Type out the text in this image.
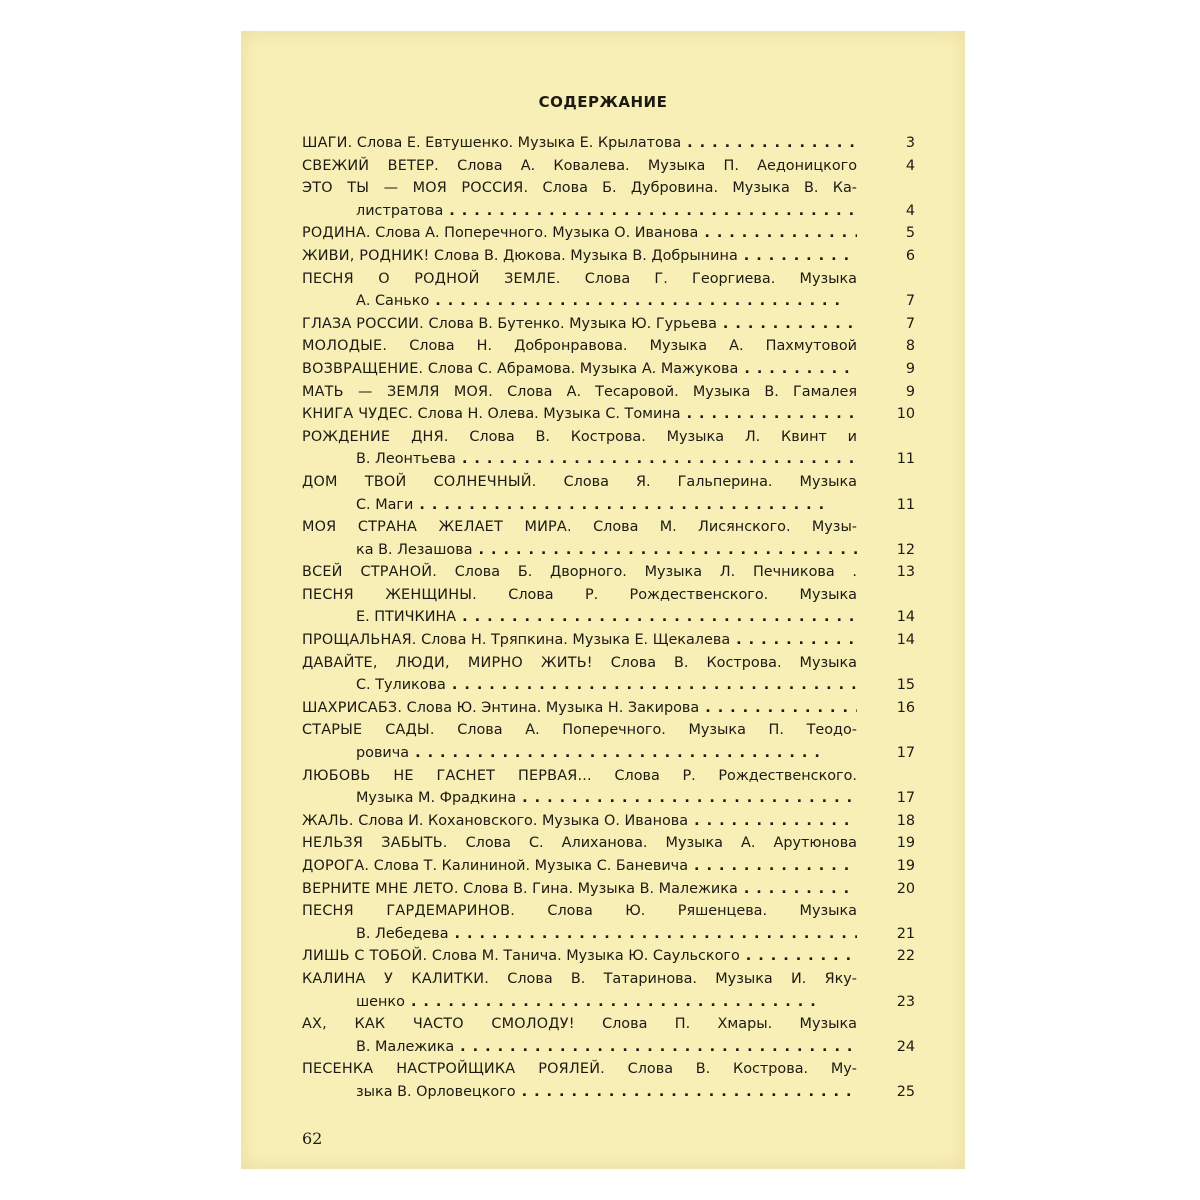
СОДЕРЖАНИЕ
ШАГИ. Слова Е. Евтушенко. Музыка Е. Крылатова . .	3
СВЕЖИЙ ВЕТЕР. Слова А. Ковалева. Музыка П. Аедоницкого	4
ЭТО ТЫ — МОЯ РОССИЯ. Слова Б. Дубровина. Музыка В. Ка-
листратова . .	4
РОДИНА. Слова А. Поперечного. Музыка О. Иванова . .	5
ЖИВИ, РОДНИК! Слова В. Дюкова. Музыка В. Добрынина . .	6
ПЕСНЯ О РОДНОЙ ЗЕМЛЕ. Слова Г. Георгиева. Музыка
А. Санько . .	7
ГЛАЗА РОССИИ. Слова В. Бутенко. Музыка Ю. Гурьева . .	7
МОЛОДЫЕ. Слова Н. Добронравова. Музыка А. Пахмутовой	8
ВОЗВРАЩЕНИЕ. Слова С. Абрамова. Музыка А. Мажукова . .	9
МАТЬ — ЗЕМЛЯ МОЯ. Слова А. Тесаровой. Музыка В. Гамалея	9
КНИГА ЧУДЕС. Слова Н. Олева. Музыка С. Томина . .	10
РОЖДЕНИЕ ДНЯ. Слова В. Кострова. Музыка Л. Квинт и
В. Леонтьева . .	11
ДОМ ТВОЙ СОЛНЕЧНЫЙ. Слова Я. Гальперина. Музыка
С. Маги . .	11
МОЯ СТРАНА ЖЕЛАЕТ МИРА. Слова М. Лисянского. Музы-
ка В. Лезашова . .	12
ВСЕЙ СТРАНОЙ. Слова Б. Дворного. Музыка Л. Печникова .	13
ПЕСНЯ ЖЕНЩИНЫ. Слова Р. Рождественского. Музыка
Е. ПТИЧКИНА . .	14
ПРОЩАЛЬНАЯ. Слова Н. Тряпкина. Музыка Е. Щекалева . .	14
ДАВАЙТЕ, ЛЮДИ, МИРНО ЖИТЬ! Слова В. Кострова. Музыка
С. Туликова . .	15
ШАХРИСАБЗ. Слова Ю. Энтина. Музыка Н. Закирова . .	16
СТАРЫЕ САДЫ. Слова А. Поперечного. Музыка П. Теодо-
ровича . .	17
ЛЮБОВЬ НЕ ГАСНЕТ ПЕРВАЯ... Слова Р. Рождественского.
Музыка М. Фрадкина . .	17
ЖАЛЬ. Слова И. Кохановского. Музыка О. Иванова . .	18
НЕЛЬЗЯ ЗАБЫТЬ. Слова С. Алиханова. Музыка А. Арутюнова	19
ДОРОГА. Слова Т. Калининой. Музыка С. Баневича . .	19
ВЕРНИТЕ МНЕ ЛЕТО. Слова В. Гина. Музыка В. Малежика . .	20
ПЕСНЯ ГАРДЕМАРИНОВ. Слова Ю. Ряшенцева. Музыка
В. Лебедева . .	21
ЛИШЬ С ТОБОЙ. Слова М. Танича. Музыка Ю. Саульского . .	22
КАЛИНА У КАЛИТКИ. Слова В. Татаринова. Музыка И. Яку-
шенко . .	23
АХ, КАК ЧАСТО СМОЛОДУ! Слова П. Хмары. Музыка
В. Малежика . .	24
ПЕСЕНКА НАСТРОЙЩИКА РОЯЛЕЙ. Слова В. Кострова. Му-
зыка В. Орловецкого . .	25
62
